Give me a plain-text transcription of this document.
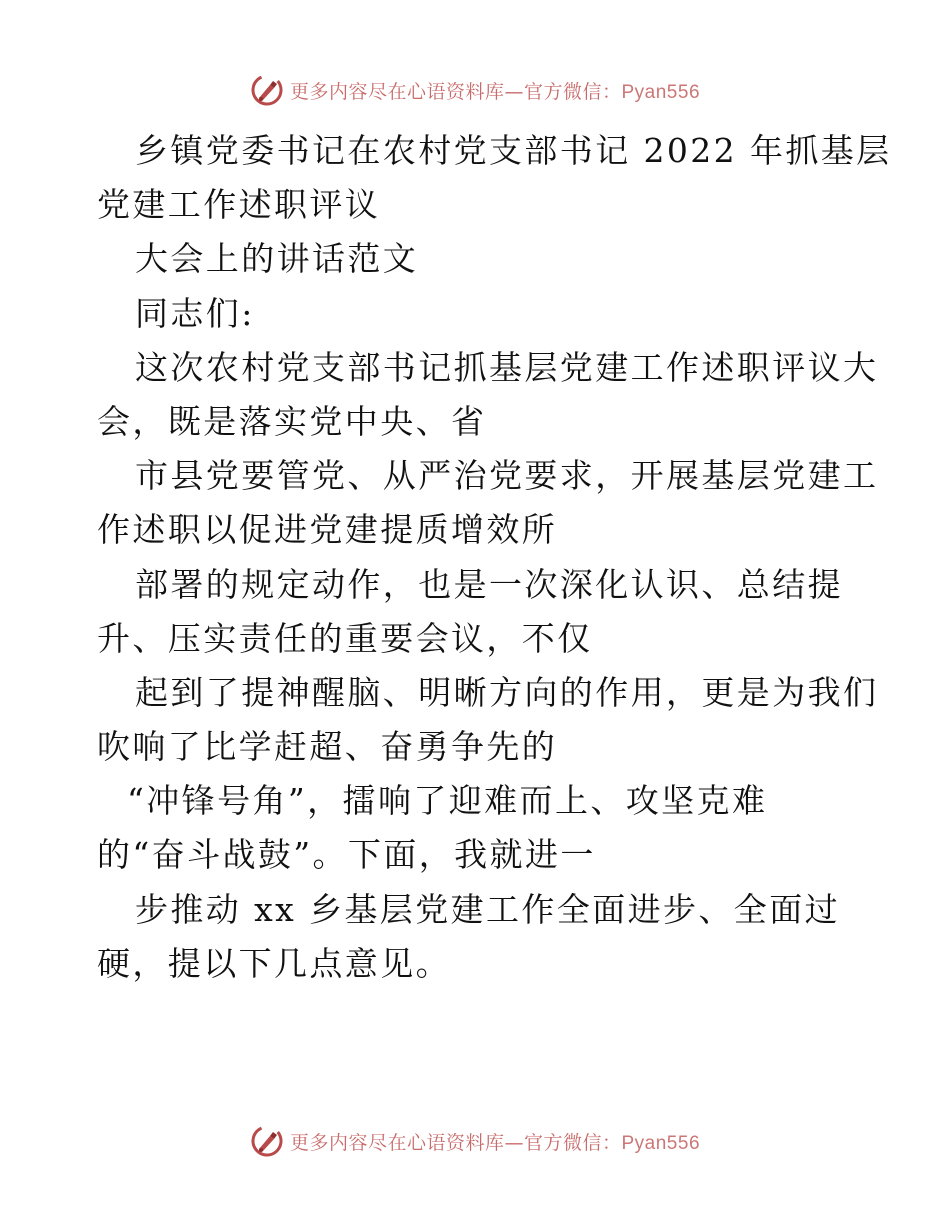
更多内容尽在心语资料库—官方微信：Pyan556
乡镇党委书记在农村党支部书记 2022 年抓基层
党建工作述职评议
大会上的讲话范文
同志们:
这次农村党支部书记抓基层党建工作述职评议大
会，既是落实党中央、省
市县党要管党、从严治党要求，开展基层党建工
作述职以促进党建提质增效所
部署的规定动作，也是一次深化认识、总结提
升、压实责任的重要会议，不仅
起到了提神醒脑、明晰方向的作用，更是为我们
吹响了比学赶超、奋勇争先的
“冲锋号角”，擂响了迎难而上、攻坚克难
的“奋斗战鼓”。下面，我就进一
步推动 xx 乡基层党建工作全面进步、全面过
硬，提以下几点意见。
更多内容尽在心语资料库—官方微信：Pyan556
